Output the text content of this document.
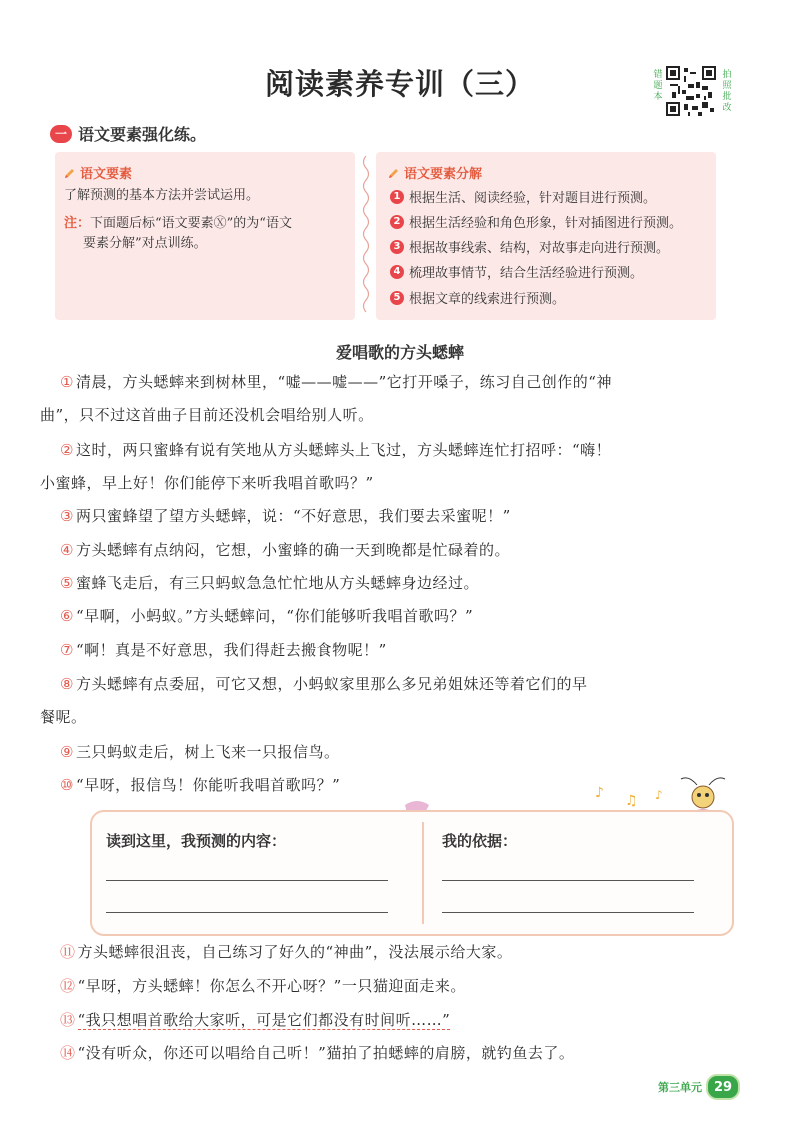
阅读素养专训（三）	错题本
拍照批改
一 语文要素强化练。
语文要素
了解预测的基本方法并尝试运用。
注：下面题后标“语文要素Ⓧ”的为“语文
要素分解”对点训练。
语文要素分解
1 根据生活、阅读经验，针对题目进行预测。
2 根据生活经验和角色形象，针对插图进行预测。
3 根据故事线索、结构，对故事走向进行预测。
4 梳理故事情节，结合生活经验进行预测。
5 根据文章的线索进行预测。
爱唱歌的方头蟋蟀
① 清晨，方头蟋蟀来到树林里，“嘘——嘘——”它打开嗓子，练习自己创作的“神
曲”，只不过这首曲子目前还没机会唱给别人听。
② 这时，两只蜜蜂有说有笑地从方头蟋蟀头上飞过，方头蟋蟀连忙打招呼：“嗨！
小蜜蜂，早上好！你们能停下来听我唱首歌吗？”
③ 两只蜜蜂望了望方头蟋蟀，说：“不好意思，我们要去采蜜呢！”
④ 方头蟋蟀有点纳闷，它想，小蜜蜂的确一天到晚都是忙碌着的。
⑤ 蜜蜂飞走后，有三只蚂蚁急急忙忙地从方头蟋蟀身边经过。
⑥ “早啊，小蚂蚁。”方头蟋蟀问，“你们能够听我唱首歌吗？”
⑦ “啊！真是不好意思，我们得赶去搬食物呢！”
⑧ 方头蟋蟀有点委屈，可它又想，小蚂蚁家里那么多兄弟姐妹还等着它们的早
餐呢。
⑨ 三只蚂蚁走后，树上飞来一只报信鸟。
⑩ “早呀，报信鸟！你能听我唱首歌吗？”	♪ ♫ ♪
读到这里，我预测的内容：	我的依据：
⑪ 方头蟋蟀很沮丧，自己练习了好久的“神曲”，没法展示给大家。
⑫ “早呀，方头蟋蟀！你怎么不开心呀？”一只猫迎面走来。
⑬ “我只想唱首歌给大家听，可是它们都没有时间听……”
⑭ “没有听众，你还可以唱给自己听！”猫拍了拍蟋蟀的肩膀，就钓鱼去了。
第三单元 29
